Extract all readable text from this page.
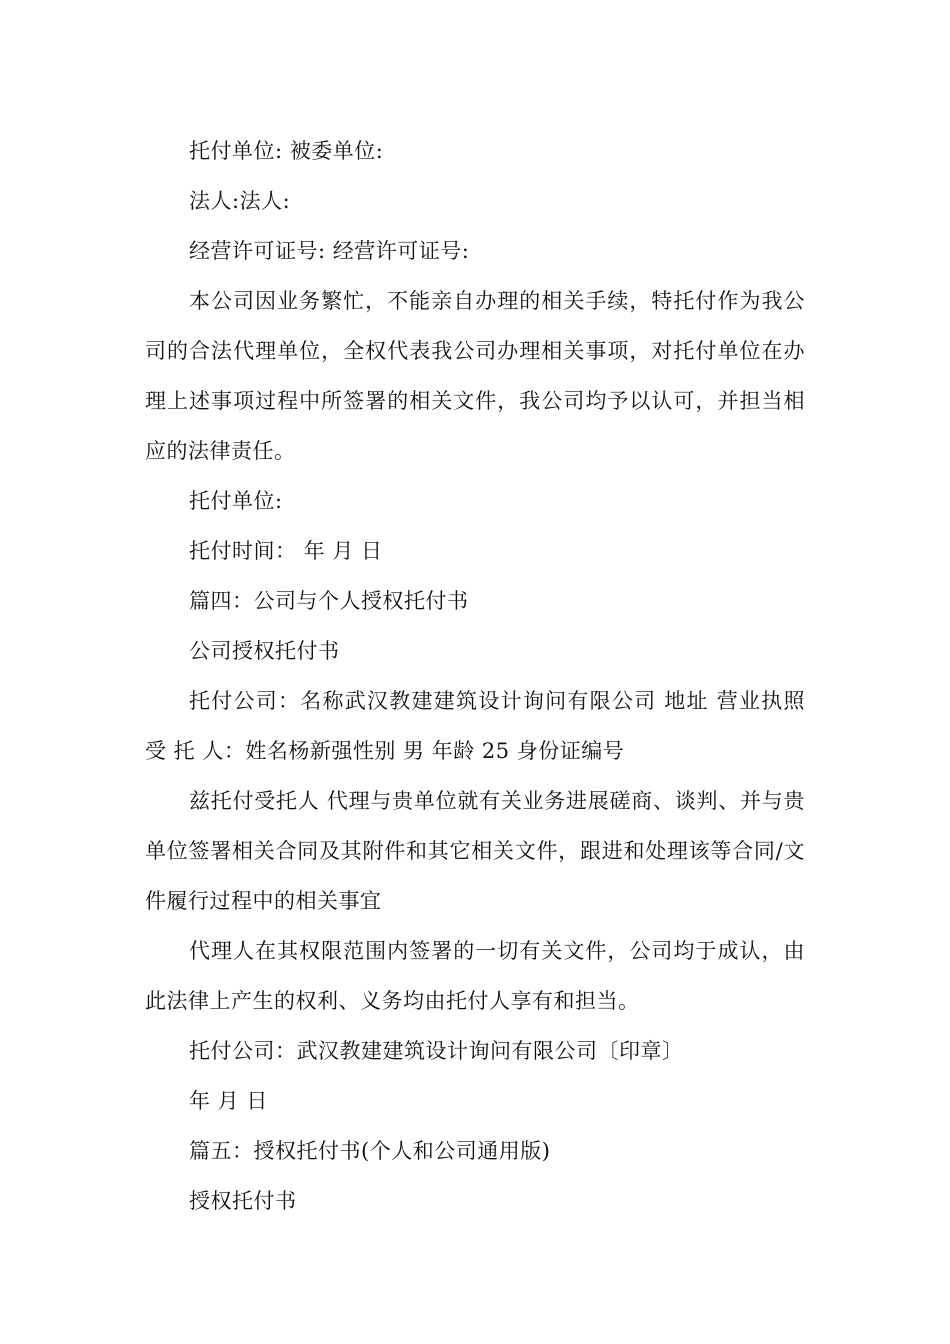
托付单位: 被委单位:

法人:法人:

经营许可证号: 经营许可证号:

本公司因业务繁忙，不能亲自办理的相关手续，特托付作为我公司的合法代理单位，全权代表我公司办理相关事项，对托付单位在办理上述事项过程中所签署的相关文件，我公司均予以认可，并担当相应的法律责任。

托付单位:

托付时间： 年 月 日

篇四：公司与个人授权托付书

公司授权托付书

托付公司：名称武汉教建建筑设计询问有限公司 地址 营业执照受 托 人：姓名杨新强性别 男 年龄 25 身份证编号

兹托付受托人 代理与贵单位就有关业务进展磋商、谈判、并与贵单位签署相关合同及其附件和其它相关文件，跟进和处理该等合同/文件履行过程中的相关事宜

代理人在其权限范围内签署的一切有关文件，公司均于成认，由此法律上产生的权利、义务均由托付人享有和担当。

托付公司：武汉教建建筑设计询问有限公司〔印章〕

年 月 日

篇五：授权托付书(个人和公司通用版)

授权托付书
